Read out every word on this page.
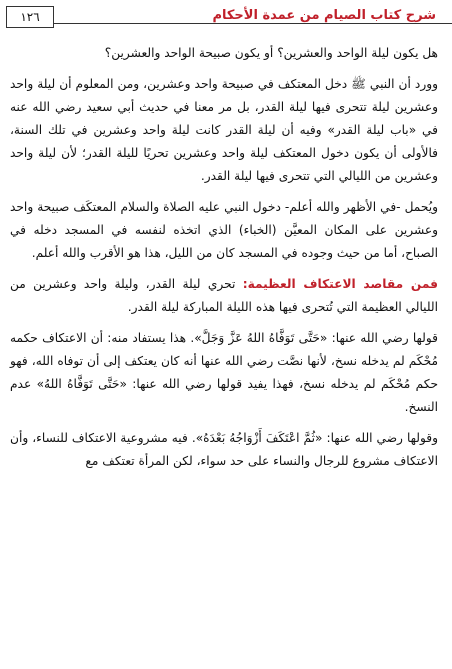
شرح كتاب الصيام من عمدة الأحكام
١٢٦

هل يكون ليلة الواحد والعشرين؟ أو يكون صبيحة الواحد والعشرين؟

وورد أن النبي ﷺ دخل المعتكف في صبيحة واحد وعشرين، ومن المعلوم أن ليلة واحد وعشرين ليلة تتحرى فيها ليلة القدر، بل مر معنا في حديث أبي سعيد رضي الله عنه في «باب ليلة القدر» وفيه أن ليلة القدر كانت ليلة واحد وعشرين في تلك السنة، فالأولى أن يكون دخول المعتكف ليلة واحد وعشرين تحريًا لليلة القدر؛ لأن ليلة واحد وعشرين من الليالي التي تتحرى فيها ليلة القدر.

ويُحمل -في الأظهر والله أعلم- دخول النبي عليه الصلاة والسلام المعتكَف صبيحة واحد وعشرين على المكان المعيَّن (الخباء) الذي اتخذه لنفسه في المسجد دخله في الصباح، أما من حيث وجوده في المسجد كان من الليل، هذا هو الأقرب والله أعلم.

فمن مقاصد الاعتكاف العظيمة: تحري ليلة القدر، وليلة واحد وعشرين من الليالي العظيمة التي تُتحرى فيها هذه الليلة المباركة ليلة القدر.

قولها رضي الله عنها: «حَتَّى تَوَفَّاهُ اللهُ عَزَّ وَجَلَّ». هذا يستفاد منه: أن الاعتكاف حكمه مُحْكَم لم يدخله نسخ، لأنها نصَّت رضي الله عنها أنه كان يعتكف إلى أن توفاه الله، فهو حكم مُحْكَم لم يدخله نسخ، فهذا يفيد قولها رضي الله عنها: «حَتَّى تَوَفَّاهُ اللهُ» عدم النسخ.

وقولها رضي الله عنها: «ثُمَّ اعْتَكَفَ أَزْوَاجُهُ بَعْدَهُ». فيه مشروعية الاعتكاف للنساء، وأن الاعتكاف مشروع للرجال والنساء على حد سواء، لكن المرأة تعتكف مع
